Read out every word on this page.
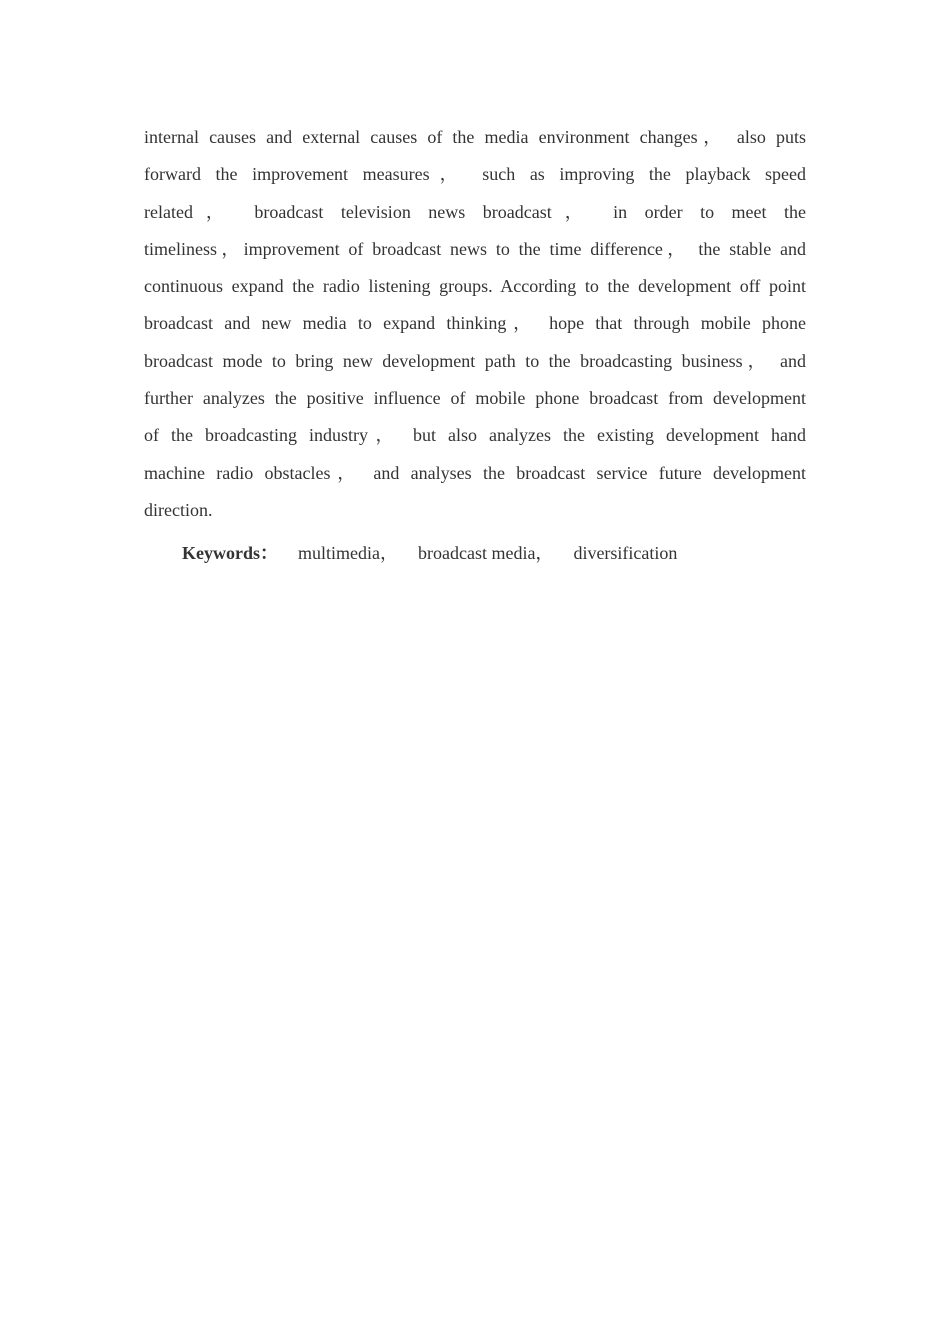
internal causes and external causes of the media environment changes， also puts
forward the improvement measures， such as improving the playback speed
related， broadcast television news broadcast， in order to meet the
timeliness，improvement of broadcast news to the time difference， the stable and
continuous expand the radio listening groups. According to the development off point
broadcast and new media to expand thinking， hope that through mobile phone
broadcast mode to bring new development path to the broadcasting business， and
further analyzes the positive influence of mobile phone broadcast from development
of the broadcasting industry， but also analyzes the existing development hand
machine radio obstacles， and analyses the broadcast service future development
direction.
Keywords： multimedia， broadcast media， diversification
